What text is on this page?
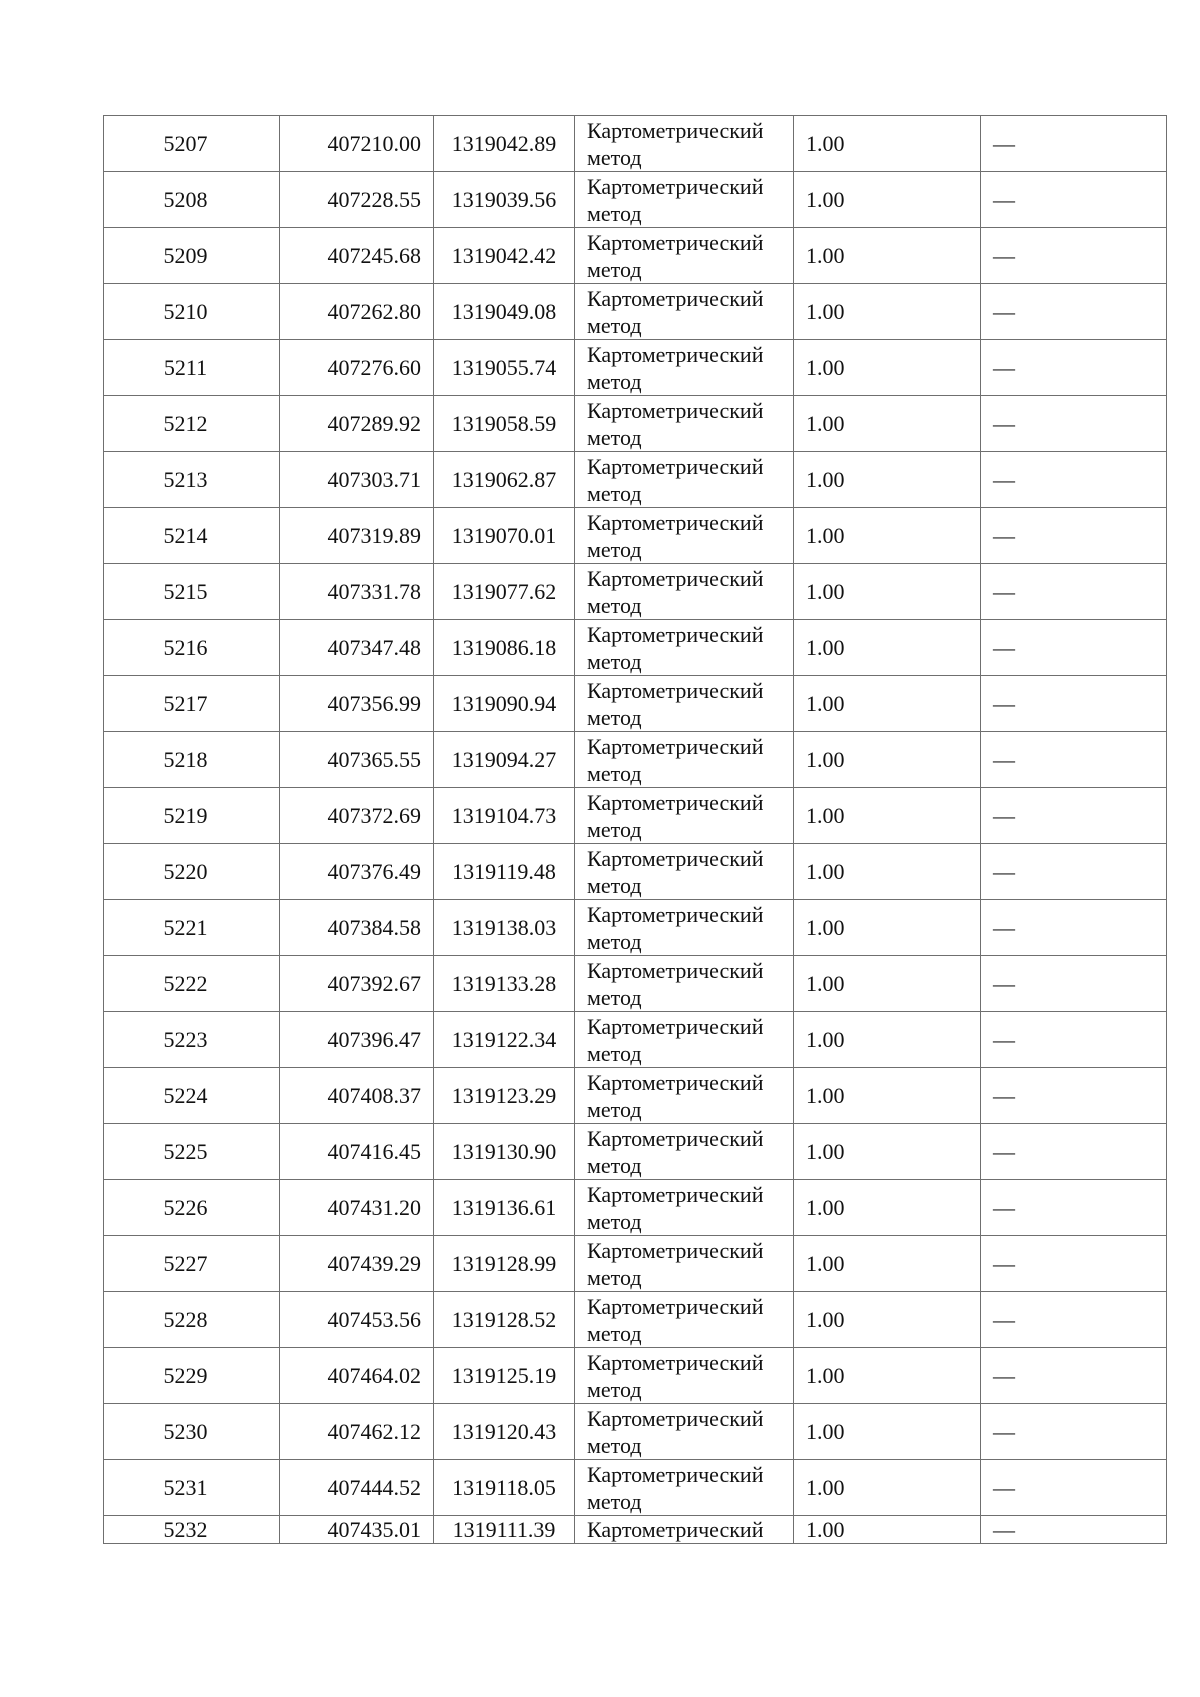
5207	407210.00	1319042.89	Картометрический метод	1.00	—
5208	407228.55	1319039.56	Картометрический метод	1.00	—
5209	407245.68	1319042.42	Картометрический метод	1.00	—
5210	407262.80	1319049.08	Картометрический метод	1.00	—
5211	407276.60	1319055.74	Картометрический метод	1.00	—
5212	407289.92	1319058.59	Картометрический метод	1.00	—
5213	407303.71	1319062.87	Картометрический метод	1.00	—
5214	407319.89	1319070.01	Картометрический метод	1.00	—
5215	407331.78	1319077.62	Картометрический метод	1.00	—
5216	407347.48	1319086.18	Картометрический метод	1.00	—
5217	407356.99	1319090.94	Картометрический метод	1.00	—
5218	407365.55	1319094.27	Картометрический метод	1.00	—
5219	407372.69	1319104.73	Картометрический метод	1.00	—
5220	407376.49	1319119.48	Картометрический метод	1.00	—
5221	407384.58	1319138.03	Картометрический метод	1.00	—
5222	407392.67	1319133.28	Картометрический метод	1.00	—
5223	407396.47	1319122.34	Картометрический метод	1.00	—
5224	407408.37	1319123.29	Картометрический метод	1.00	—
5225	407416.45	1319130.90	Картометрический метод	1.00	—
5226	407431.20	1319136.61	Картометрический метод	1.00	—
5227	407439.29	1319128.99	Картометрический метод	1.00	—
5228	407453.56	1319128.52	Картометрический метод	1.00	—
5229	407464.02	1319125.19	Картометрический метод	1.00	—
5230	407462.12	1319120.43	Картометрический метод	1.00	—
5231	407444.52	1319118.05	Картометрический метод	1.00	—
5232	407435.01	1319111.39	Картометрический	1.00	—
